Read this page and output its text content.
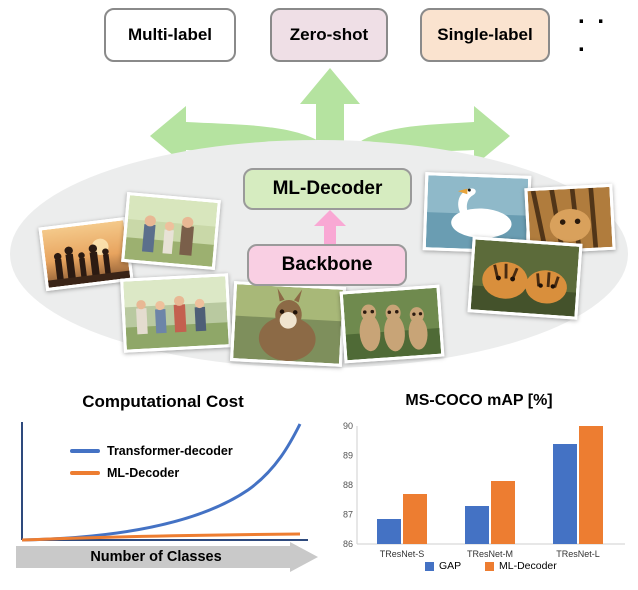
Multi-label	Zero-shot	Single-label
. . .
ML-Decoder
Backbone
Computational Cost
Transformer-decoder
ML-Decoder
Number of Classes
MS-COCO mAP [%]
86
87
88
89
90
TResNet-S	TResNet-M	TResNet-L
GAP	ML-Decoder
